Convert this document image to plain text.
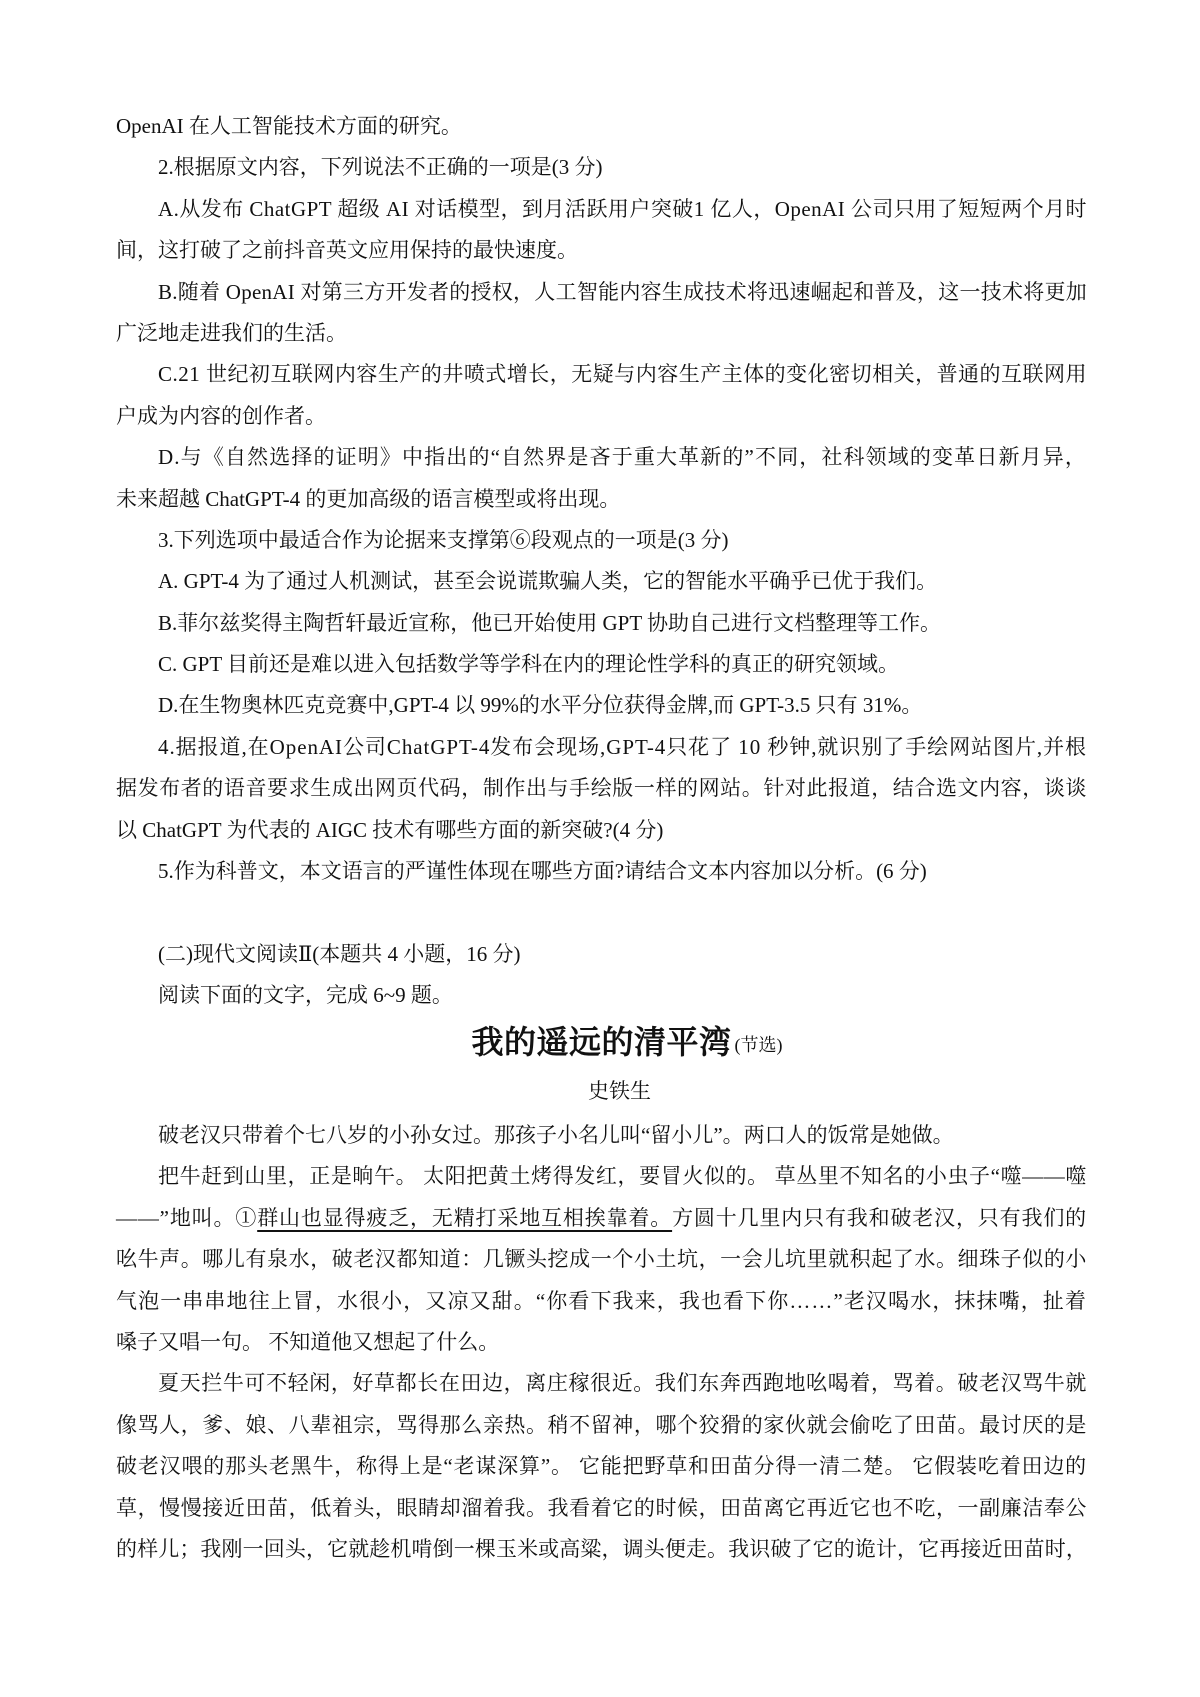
OpenAI 在人工智能技术方面的研究。
2.根据原文内容，下列说法不正确的一项是(3 分)
A.从发布 ChatGPT 超级 AI 对话模型，到月活跃用户突破1 亿人，OpenAI 公司只用了短短两个月时
间，这打破了之前抖音英文应用保持的最快速度。
B.随着 OpenAI 对第三方开发者的授权，人工智能内容生成技术将迅速崛起和普及，这一技术将更加
广泛地走进我们的生活。
C.21 世纪初互联网内容生产的井喷式增长，无疑与内容生产主体的变化密切相关，普通的互联网用
户成为内容的创作者。
D.与《自然选择的证明》中指出的“自然界是吝于重大革新的”不同，社科领域的变革日新月异，
未来超越 ChatGPT-4 的更加高级的语言模型或将出现。
3.下列选项中最适合作为论据来支撑第⑥段观点的一项是(3 分)
A. GPT-4 为了通过人机测试，甚至会说谎欺骗人类，它的智能水平确乎已优于我们。
B.菲尔兹奖得主陶哲轩最近宣称，他已开始使用 GPT 协助自己进行文档整理等工作。
C. GPT 目前还是难以进入包括数学等学科在内的理论性学科的真正的研究领域。
D.在生物奥林匹克竞赛中,GPT-4 以 99%的水平分位获得金牌,而 GPT-3.5 只有 31%。
4.据报道,在OpenAI公司ChatGPT-4发布会现场,GPT-4只花了 10 秒钟,就识别了手绘网站图片,并根
据发布者的语音要求生成出网页代码，制作出与手绘版一样的网站。针对此报道，结合选文内容，谈谈
以 ChatGPT 为代表的 AIGC 技术有哪些方面的新突破?(4 分)
5.作为科普文，本文语言的严谨性体现在哪些方面?请结合文本内容加以分析。(6 分)
(二)现代文阅读Ⅱ(本题共 4 小题，16 分)
阅读下面的文字，完成 6~9 题。
我的遥远的清平湾 (节选)
史铁生
破老汉只带着个七八岁的小孙女过。那孩子小名儿叫“留小儿”。两口人的饭常是她做。
把牛赶到山里，正是晌午。 太阳把黄土烤得发红，要冒火似的。 草丛里不知名的小虫子“噬——噬
——”地叫。①群山也显得疲乏，无精打采地互相挨靠着。方圆十几里内只有我和破老汉，只有我们的
吆牛声。哪儿有泉水，破老汉都知道：几镢头挖成一个小土坑，一会儿坑里就积起了水。细珠子似的小
气泡一串串地往上冒，水很小，又凉又甜。“你看下我来，我也看下你……”老汉喝水，抹抹嘴，扯着
嗓子又唱一句。 不知道他又想起了什么。
夏天拦牛可不轻闲，好草都长在田边，离庄稼很近。我们东奔西跑地吆喝着，骂着。破老汉骂牛就
像骂人，爹、娘、八辈祖宗，骂得那么亲热。稍不留神，哪个狡猾的家伙就会偷吃了田苗。最讨厌的是
破老汉喂的那头老黑牛，称得上是“老谋深算”。 它能把野草和田苗分得一清二楚。 它假装吃着田边的
草，慢慢接近田苗，低着头，眼睛却溜着我。我看着它的时候，田苗离它再近它也不吃，一副廉洁奉公
的样儿；我刚一回头，它就趁机啃倒一棵玉米或高粱，调头便走。我识破了它的诡计，它再接近田苗时，
